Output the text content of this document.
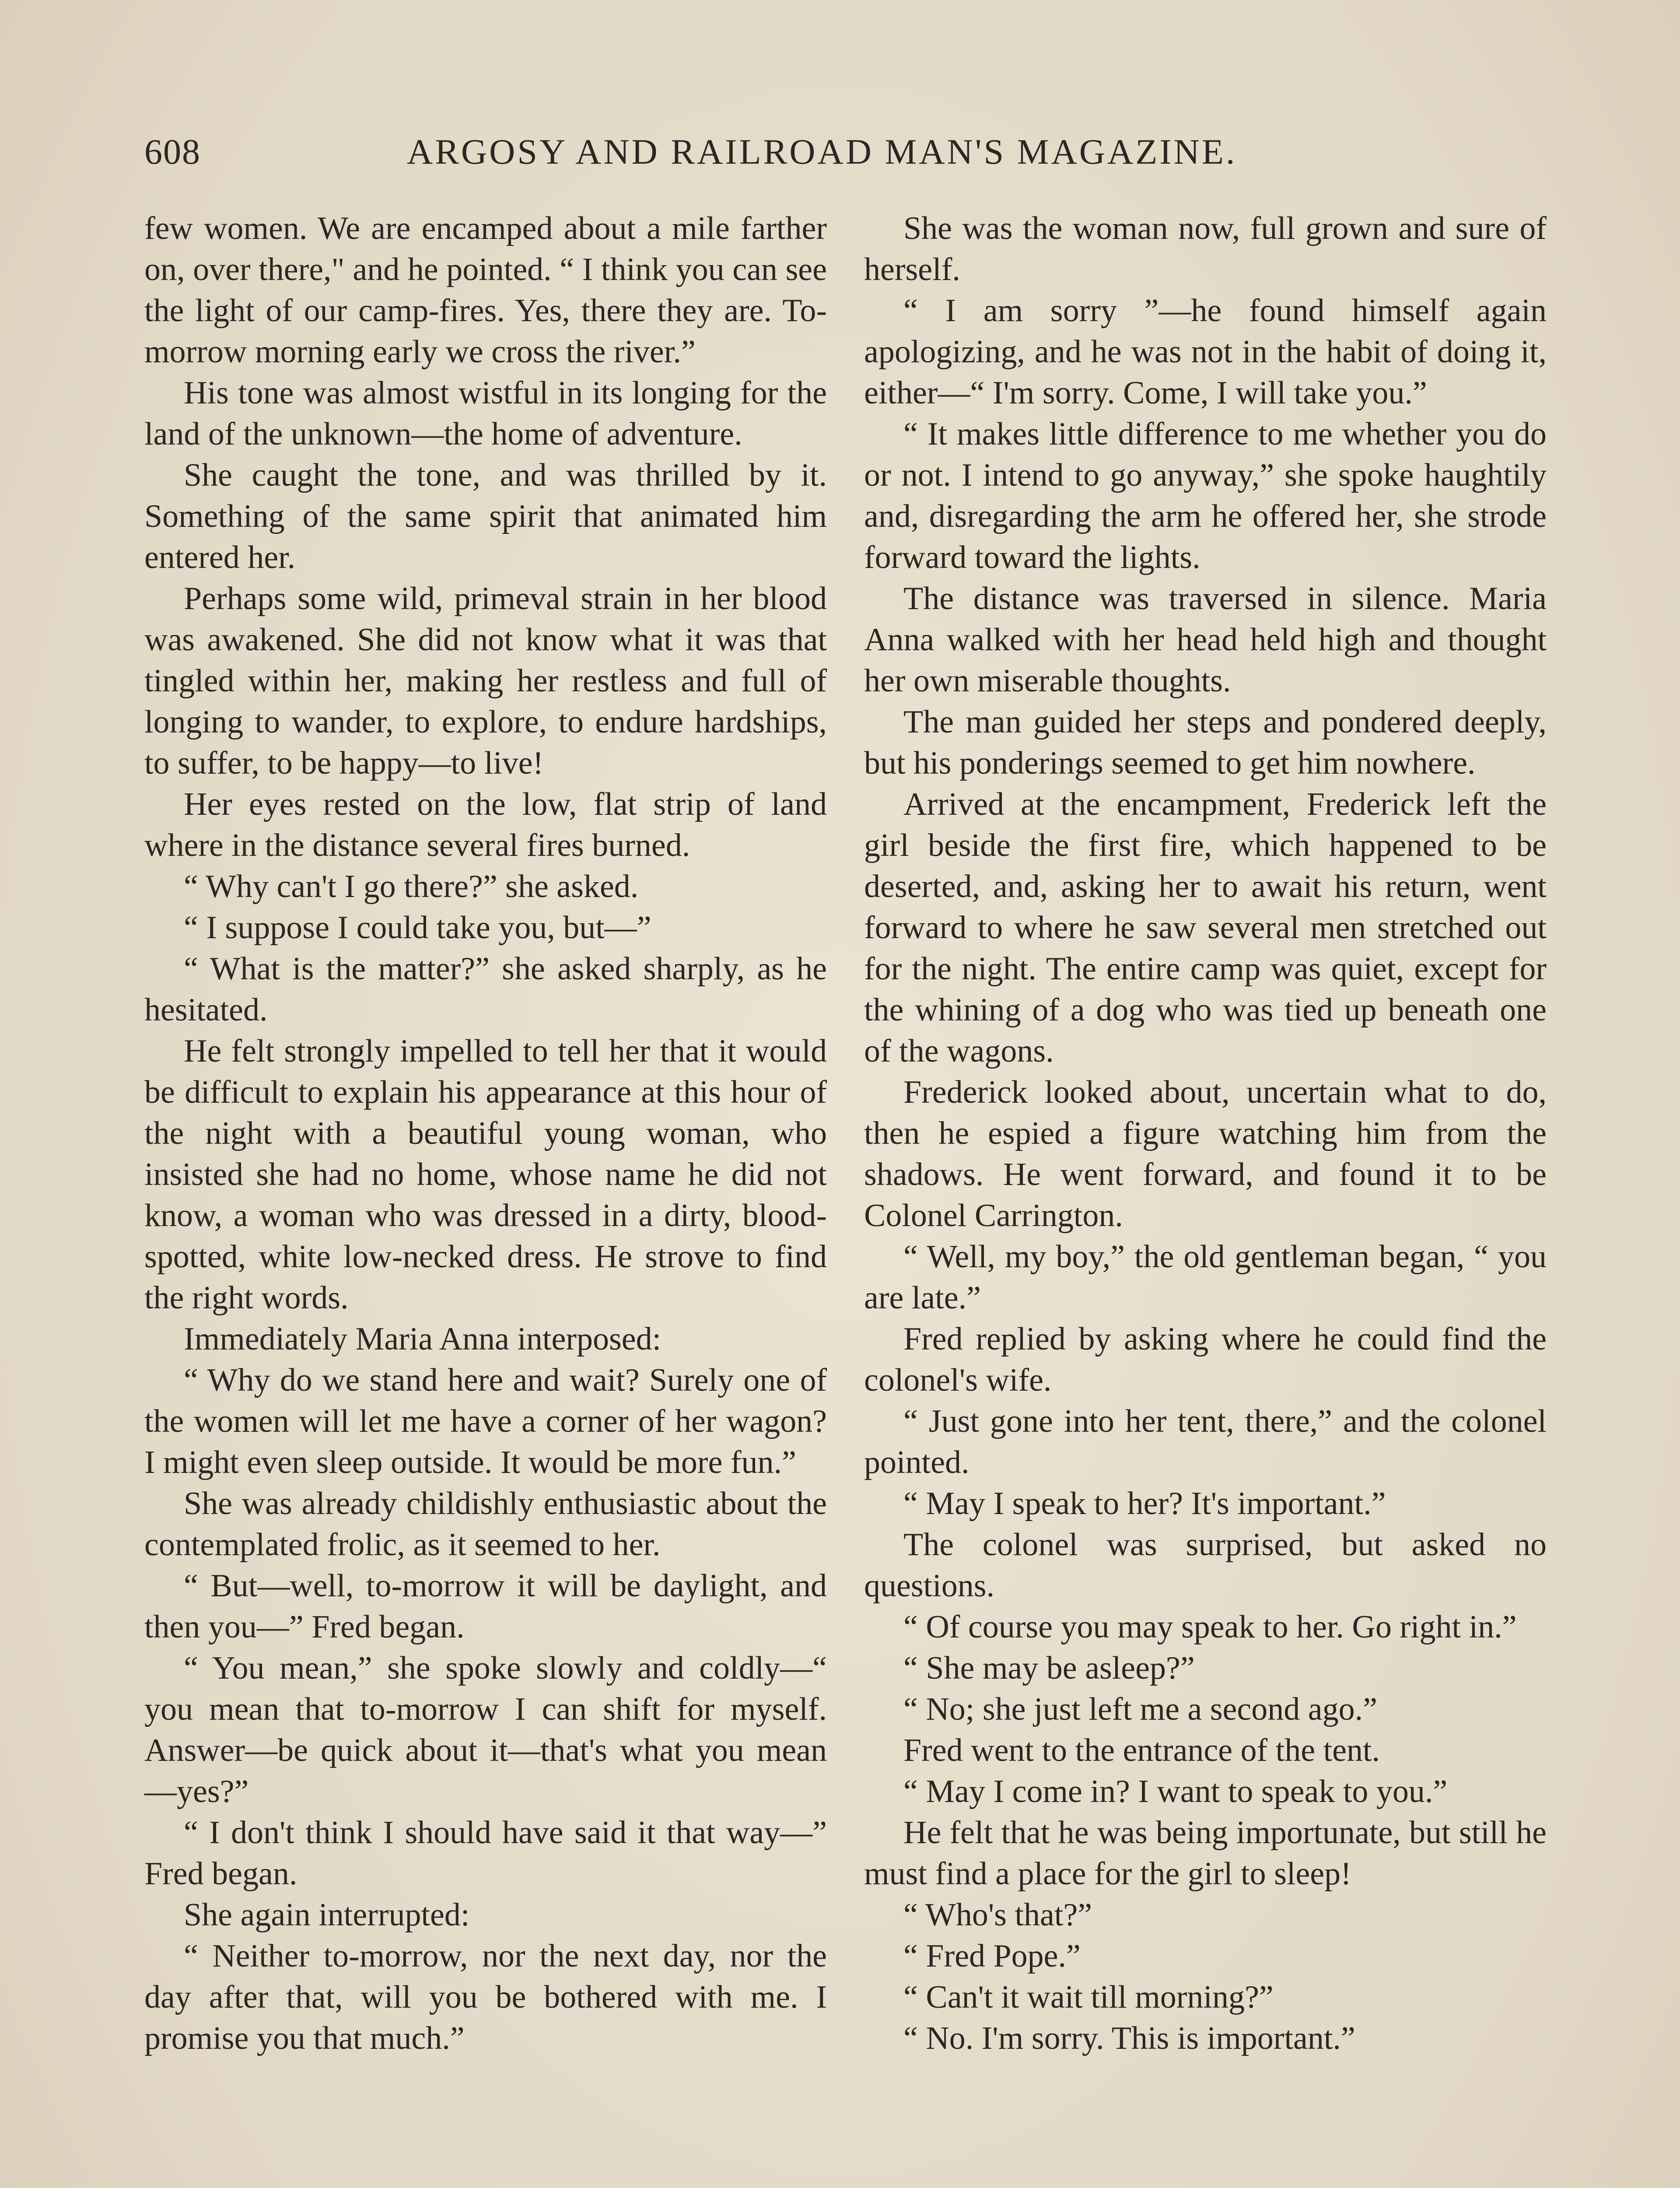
608	ARGOSY AND RAILROAD MAN'S MAGAZINE.

few women. We are encamped about a mile farther on, over there," and he pointed. “ I think you can see the light of our camp-fires. Yes, there they are. To-morrow morning early we cross the river.”

His tone was almost wistful in its longing for the land of the unknown—the home of adventure.

She caught the tone, and was thrilled by it. Something of the same spirit that animated him entered her.

Perhaps some wild, primeval strain in her blood was awakened. She did not know what it was that tingled within her, making her restless and full of longing to wander, to explore, to endure hardships, to suffer, to be happy—to live!

Her eyes rested on the low, flat strip of land where in the distance several fires burned.

“ Why can't I go there?” she asked.

“ I suppose I could take you, but—”

“ What is the matter?” she asked sharply, as he hesitated.

He felt strongly impelled to tell her that it would be difficult to explain his appearance at this hour of the night with a beautiful young woman, who insisted she had no home, whose name he did not know, a woman who was dressed in a dirty, blood-spotted, white low-necked dress. He strove to find the right words.

Immediately Maria Anna interposed:

“ Why do we stand here and wait? Surely one of the women will let me have a corner of her wagon? I might even sleep outside. It would be more fun.”

She was already childishly enthusiastic about the contemplated frolic, as it seemed to her.

“ But—well, to-morrow it will be daylight, and then you—” Fred began.

“ You mean,” she spoke slowly and coldly—“ you mean that to-morrow I can shift for myself. Answer—be quick about it—that's what you mean—yes?”

“ I don't think I should have said it that way—” Fred began.

She again interrupted:

“ Neither to-morrow, nor the next day, nor the day after that, will you be bothered with me. I promise you that much.”

She was the woman now, full grown and sure of herself.

“ I am sorry ”—he found himself again apologizing, and he was not in the habit of doing it, either—“ I'm sorry. Come, I will take you.”

“ It makes little difference to me whether you do or not. I intend to go anyway,” she spoke haughtily and, disregarding the arm he offered her, she strode forward toward the lights.

The distance was traversed in silence. Maria Anna walked with her head held high and thought her own miserable thoughts.

The man guided her steps and pondered deeply, but his ponderings seemed to get him nowhere.

Arrived at the encampment, Frederick left the girl beside the first fire, which happened to be deserted, and, asking her to await his return, went forward to where he saw several men stretched out for the night. The entire camp was quiet, except for the whining of a dog who was tied up beneath one of the wagons.

Frederick looked about, uncertain what to do, then he espied a figure watching him from the shadows. He went forward, and found it to be Colonel Carrington.

“ Well, my boy,” the old gentleman began, “ you are late.”

Fred replied by asking where he could find the colonel's wife.

“ Just gone into her tent, there,” and the colonel pointed.

“ May I speak to her? It's important.”

The colonel was surprised, but asked no questions.

“ Of course you may speak to her. Go right in.”

“ She may be asleep?”

“ No; she just left me a second ago.”

Fred went to the entrance of the tent.

“ May I come in? I want to speak to you.”

He felt that he was being importunate, but still he must find a place for the girl to sleep!

“ Who's that?”

“ Fred Pope.”

“ Can't it wait till morning?”

“ No. I'm sorry. This is important.”
